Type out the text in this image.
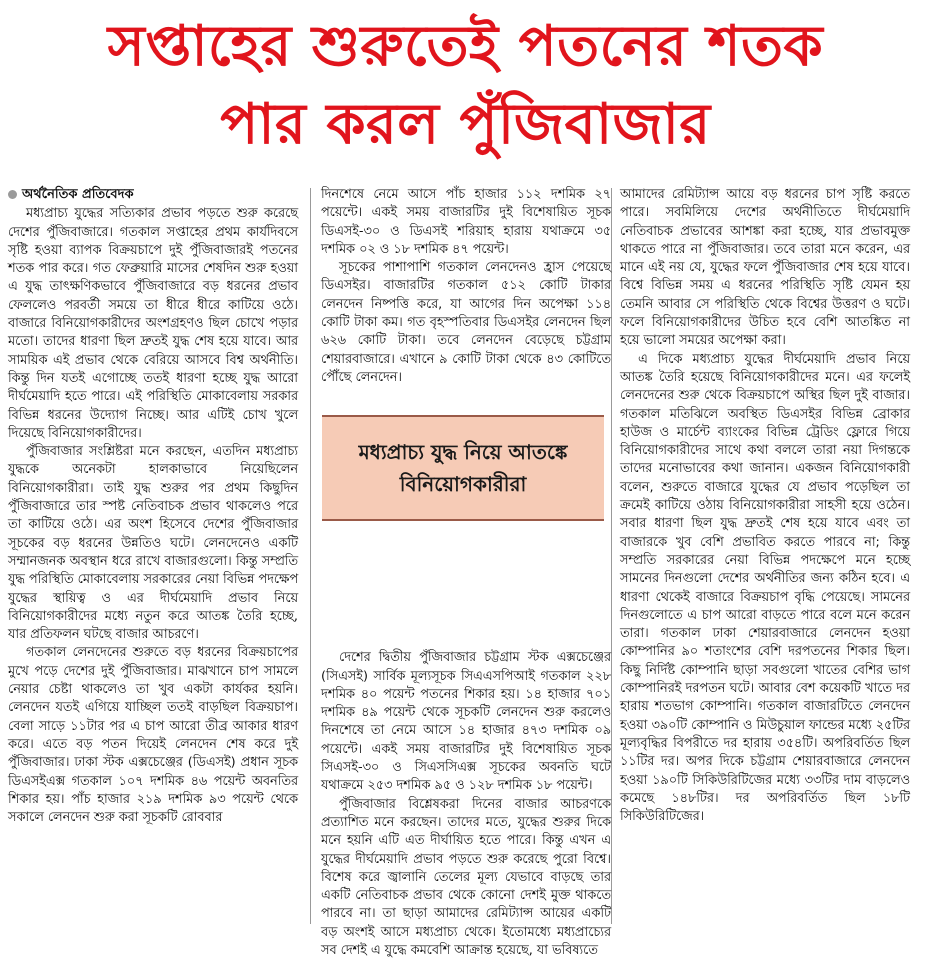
সপ্তাহের শুরুতেই পতনের শতক
পার করল পুঁজিবাজার
অর্থনৈতিক প্রতিবেদক

মধ্যপ্রাচ্য যুদ্ধের সত্যিকার প্রভাব পড়তে শুরু করেছে দেশের পুঁজিবাজারে। গতকাল সপ্তাহের প্রথম কার্যদিবসে সৃষ্টি হওয়া ব্যাপক বিক্রয়চাপে দুই পুঁজিবাজারই পতনের শতক পার করে। গত ফেব্রুয়ারি মাসের শেষদিন শুরু হওয়া এ যুদ্ধ তাৎক্ষণিকভাবে পুঁজিবাজারে বড় ধরনের প্রভাব ফেললেও পরবর্তী সময়ে তা ধীরে ধীরে কাটিয়ে ওঠে। বাজারে বিনিয়োগকারীদের অংশগ্রহণও ছিল চোখে পড়ার মতো। তাদের ধারণা ছিল দ্রুতই যুদ্ধ শেষ হয়ে যাবে। আর সাময়িক এই প্রভাব থেকে বেরিয়ে আসবে বিশ্ব অর্থনীতি। কিন্তু দিন যতই এগোচ্ছে ততই ধারণা হচ্ছে যুদ্ধ আরো দীর্ঘমেয়াদি হতে পারে। এই পরিস্থিতি মোকাবেলায় সরকার বিভিন্ন ধরনের উদ্যোগ নিচ্ছে। আর এটিই চোখ খুলে দিয়েছে বিনিয়োগকারীদের।

পুঁজিবাজার সংশ্লিষ্টরা মনে করছেন, এতদিন মধ্যপ্রাচ্য যুদ্ধকে অনেকটা হালকাভাবে নিয়েছিলেন বিনিয়োগকারীরা। তাই যুদ্ধ শুরুর পর প্রথম কিছুদিন পুঁজিবাজারে তার স্পষ্ট নেতিবাচক প্রভাব থাকলেও পরে তা কাটিয়ে ওঠে। এর অংশ হিসেবে দেশের পুঁজিবাজার সূচকের বড় ধরনের উন্নতিও ঘটে। লেনদেনেও একটি সম্মানজনক অবস্থান ধরে রাখে বাজারগুলো। কিন্তু সম্প্রতি যুদ্ধ পরিস্থিতি মোকাবেলায় সরকারের নেয়া বিভিন্ন পদক্ষেপ যুদ্ধের স্থায়িত্ব ও এর দীর্ঘমেয়াদি প্রভাব নিয়ে বিনিয়োগকারীদের মধ্যে নতুন করে আতঙ্ক তৈরি হচ্ছে, যার প্রতিফলন ঘটছে বাজার আচরণে।

গতকাল লেনদেনের শুরুতে বড় ধরনের বিক্রয়চাপের মুখে পড়ে দেশের দুই পুঁজিবাজার। মাঝখানে চাপ সামলে নেয়ার চেষ্টা থাকলেও তা খুব একটা কার্যকর হয়নি। লেনদেন যতই এগিয়ে যাচ্ছিল ততই বাড়ছিল বিক্রয়চাপ। বেলা সাড়ে ১১টার পর এ চাপ আরো তীব্র আকার ধারণ করে। এতে বড় পতন দিয়েই লেনদেন শেষ করে দুই পুঁজিবাজার। ঢাকা স্টক এক্সচেঞ্জের (ডিএসই) প্রধান সূচক ডিএসইএক্স গতকাল ১০৭ দশমিক ৪৬ পয়েন্ট অবনতির শিকার হয়। পাঁচ হাজার ২১৯ দশমিক ৯৩ পয়েন্ট থেকে সকালে লেনদেন শুরু করা সূচকটি রোববার

দিনশেষে নেমে আসে পাঁচ হাজার ১১২ দশমিক ২৭ পয়েন্টে। একই সময় বাজারটির দুই বিশেষায়িত সূচক ডিএসই-৩০ ও ডিএসই শরিয়াহ হারায় যথাক্রমে ৩৫ দশমিক ০২ ও ১৮ দশমিক ৪৭ পয়েন্ট।

সূচকের পাশাপাশি গতকাল লেনদেনও হ্রাস পেয়েছে ডিএসইর। বাজারটির গতকাল ৫১২ কোটি টাকার লেনদেন নিষ্পত্তি করে, যা আগের দিন অপেক্ষা ১১৪ কোটি টাকা কম। গত বৃহস্পতিবার ডিএসইর লেনদেন ছিল ৬২৬ কোটি টাকা। তবে লেনদেন বেড়েছে চট্টগ্রাম শেয়ারবাজারে। এখানে ৯ কোটি টাকা থেকে ৪৩ কোটিতে পৌঁছে লেনদেন।

দেশের দ্বিতীয় পুঁজিবাজার চট্টগ্রাম স্টক এক্সচেঞ্জের (সিএসই) সার্বিক মূল্যসূচক সিএএসপিআই গতকাল ২২৮ দশমিক ৪০ পয়েন্ট পতনের শিকার হয়। ১৪ হাজার ৭০১ দশমিক ৪৯ পয়েন্ট থেকে সূচকটি লেনদেন শুরু করলেও দিনশেষে তা নেমে আসে ১৪ হাজার ৪৭৩ দশমিক ০৯ পয়েন্টে। একই সময় বাজারটির দুই বিশেষায়িত সূচক সিএসই-৩০ ও সিএসসিএক্স সূচকের অবনতি ঘটে যথাক্রমে ২৫৩ দশমিক ৯৫ ও ১২৮ দশমিক ১৮ পয়েন্ট।

পুঁজিবাজার বিশ্লেষকরা দিনের বাজার আচরণকে প্রত্যাশিত মনে করছেন। তাদের মতে, যুদ্ধের শুরুর দিকে মনে হয়নি এটি এত দীর্ঘায়িত হতে পারে। কিন্তু এখন এ যুদ্ধের দীর্ঘমেয়াদি প্রভাব পড়তে শুরু করেছে পুরো বিশ্বে। বিশেষ করে জ্বালানি তেলের মূল্য যেভাবে বাড়ছে তার একটি নেতিবাচক প্রভাব থেকে কোনো দেশই মুক্ত থাকতে পারবে না। তা ছাড়া আমাদের রেমিট্যান্স আয়ের একটি বড় অংশই আসে মধ্যপ্রাচ্য থেকে। ইতোমধ্যে মধ্যপ্রাচ্যের সব দেশই এ যুদ্ধে কমবেশি আক্রান্ত হয়েছে, যা ভবিষ্যতে

মধ্যপ্রাচ্য যুদ্ধ নিয়ে আতঙ্কে
বিনিয়োগকারীরা

আমাদের রেমিট্যান্স আয়ে বড় ধরনের চাপ সৃষ্টি করতে পারে। সবমিলিয়ে দেশের অর্থনীতিতে দীর্ঘমেয়াদি নেতিবাচক প্রভাবের আশঙ্কা করা হচ্ছে, যার প্রভাবমুক্ত থাকতে পারে না পুঁজিবাজার। তবে তারা মনে করেন, এর মানে এই নয় যে, যুদ্ধের ফলে পুঁজিবাজার শেষ হয়ে যাবে। বিশ্বে বিভিন্ন সময় এ ধরনের পরিস্থিতি সৃষ্টি যেমন হয় তেমনি আবার সে পরিস্থিতি থেকে বিশ্বের উত্তরণ ও ঘটে। ফলে বিনিয়োগকারীদের উচিত হবে বেশি আতঙ্কিত না হয়ে ভালো সময়ের অপেক্ষা করা।

এ দিকে মধ্যপ্রাচ্য যুদ্ধের দীর্ঘমেয়াদি প্রভাব নিয়ে আতঙ্ক তৈরি হয়েছে বিনিয়োগকারীদের মনে। এর ফলেই লেনদেনের শুরু থেকে বিক্রয়চাপে অস্থির ছিল দুই বাজার। গতকাল মতিঝিলে অবস্থিত ডিএসইর বিভিন্ন ব্রোকার হাউজ ও মার্চেন্ট ব্যাংকের বিভিন্ন ট্রেডিং ফ্লোরে গিয়ে বিনিয়োগকারীদের সাথে কথা বললে তারা নয়া দিগন্তকে তাদের মনোভাবের কথা জানান। একজন বিনিয়োগকারী বলেন, শুরুতে বাজারে যুদ্ধের যে প্রভাব পড়েছিল তা ক্রমেই কাটিয়ে ওঠায় বিনিয়োগকারীরা সাহসী হয়ে ওঠেন। সবার ধারণা ছিল যুদ্ধ দ্রুতই শেষ হয়ে যাবে এবং তা বাজারকে খুব বেশি প্রভাবিত করতে পারবে না; কিন্তু সম্প্রতি সরকারের নেয়া বিভিন্ন পদক্ষেপে মনে হচ্ছে সামনের দিনগুলো দেশের অর্থনীতির জন্য কঠিন হবে। এ ধারণা থেকেই বাজারে বিক্রয়চাপ বৃদ্ধি পেয়েছে। সামনের দিনগুলোতে এ চাপ আরো বাড়তে পারে বলে মনে করেন তারা। গতকাল ঢাকা শেয়ারবাজারে লেনদেন হওয়া কোম্পানির ৯০ শতাংশের বেশি দরপতনের শিকার ছিল। কিছু নির্দিষ্ট কোম্পানি ছাড়া সবগুলো খাতের বেশির ভাগ কোম্পানিরই দরপতন ঘটে। আবার বেশ কয়েকটি খাতে দর হারায় শতভাগ কোম্পানি। গতকাল বাজারটিতে লেনদেন হওয়া ৩৯০টি কোম্পানি ও মিউচুয়াল ফান্ডের মধ্যে ২৫টির মূল্যবৃদ্ধির বিপরীতে দর হারায় ৩৫৪টি। অপরিবর্তিত ছিল ১১টির দর। অপর দিকে চট্টগ্রাম শেয়ারবাজারে লেনদেন হওয়া ১৯০টি সিকিউরিটিজের মধ্যে ৩৩টির দাম বাড়লেও কমেছে ১৪৮টির। দর অপরিবর্তিত ছিল ১৮টি সিকিউরিটিজের।
